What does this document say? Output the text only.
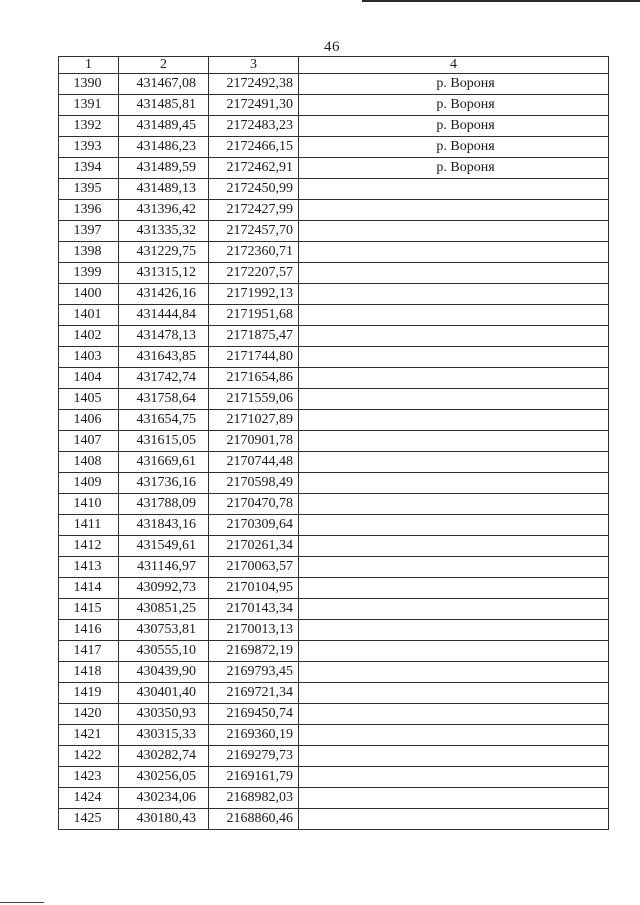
46
1	2	3	4
1390	431467,08	2172492,38	р. Вороня
1391	431485,81	2172491,30	р. Вороня
1392	431489,45	2172483,23	р. Вороня
1393	431486,23	2172466,15	р. Вороня
1394	431489,59	2172462,91	р. Вороня
1395	431489,13	2172450,99	
1396	431396,42	2172427,99	
1397	431335,32	2172457,70	
1398	431229,75	2172360,71	
1399	431315,12	2172207,57	
1400	431426,16	2171992,13	
1401	431444,84	2171951,68	
1402	431478,13	2171875,47	
1403	431643,85	2171744,80	
1404	431742,74	2171654,86	
1405	431758,64	2171559,06	
1406	431654,75	2171027,89	
1407	431615,05	2170901,78	
1408	431669,61	2170744,48	
1409	431736,16	2170598,49	
1410	431788,09	2170470,78	
1411	431843,16	2170309,64	
1412	431549,61	2170261,34	
1413	431146,97	2170063,57	
1414	430992,73	2170104,95	
1415	430851,25	2170143,34	
1416	430753,81	2170013,13	
1417	430555,10	2169872,19	
1418	430439,90	2169793,45	
1419	430401,40	2169721,34	
1420	430350,93	2169450,74	
1421	430315,33	2169360,19	
1422	430282,74	2169279,73	
1423	430256,05	2169161,79	
1424	430234,06	2168982,03	
1425	430180,43	2168860,46	
